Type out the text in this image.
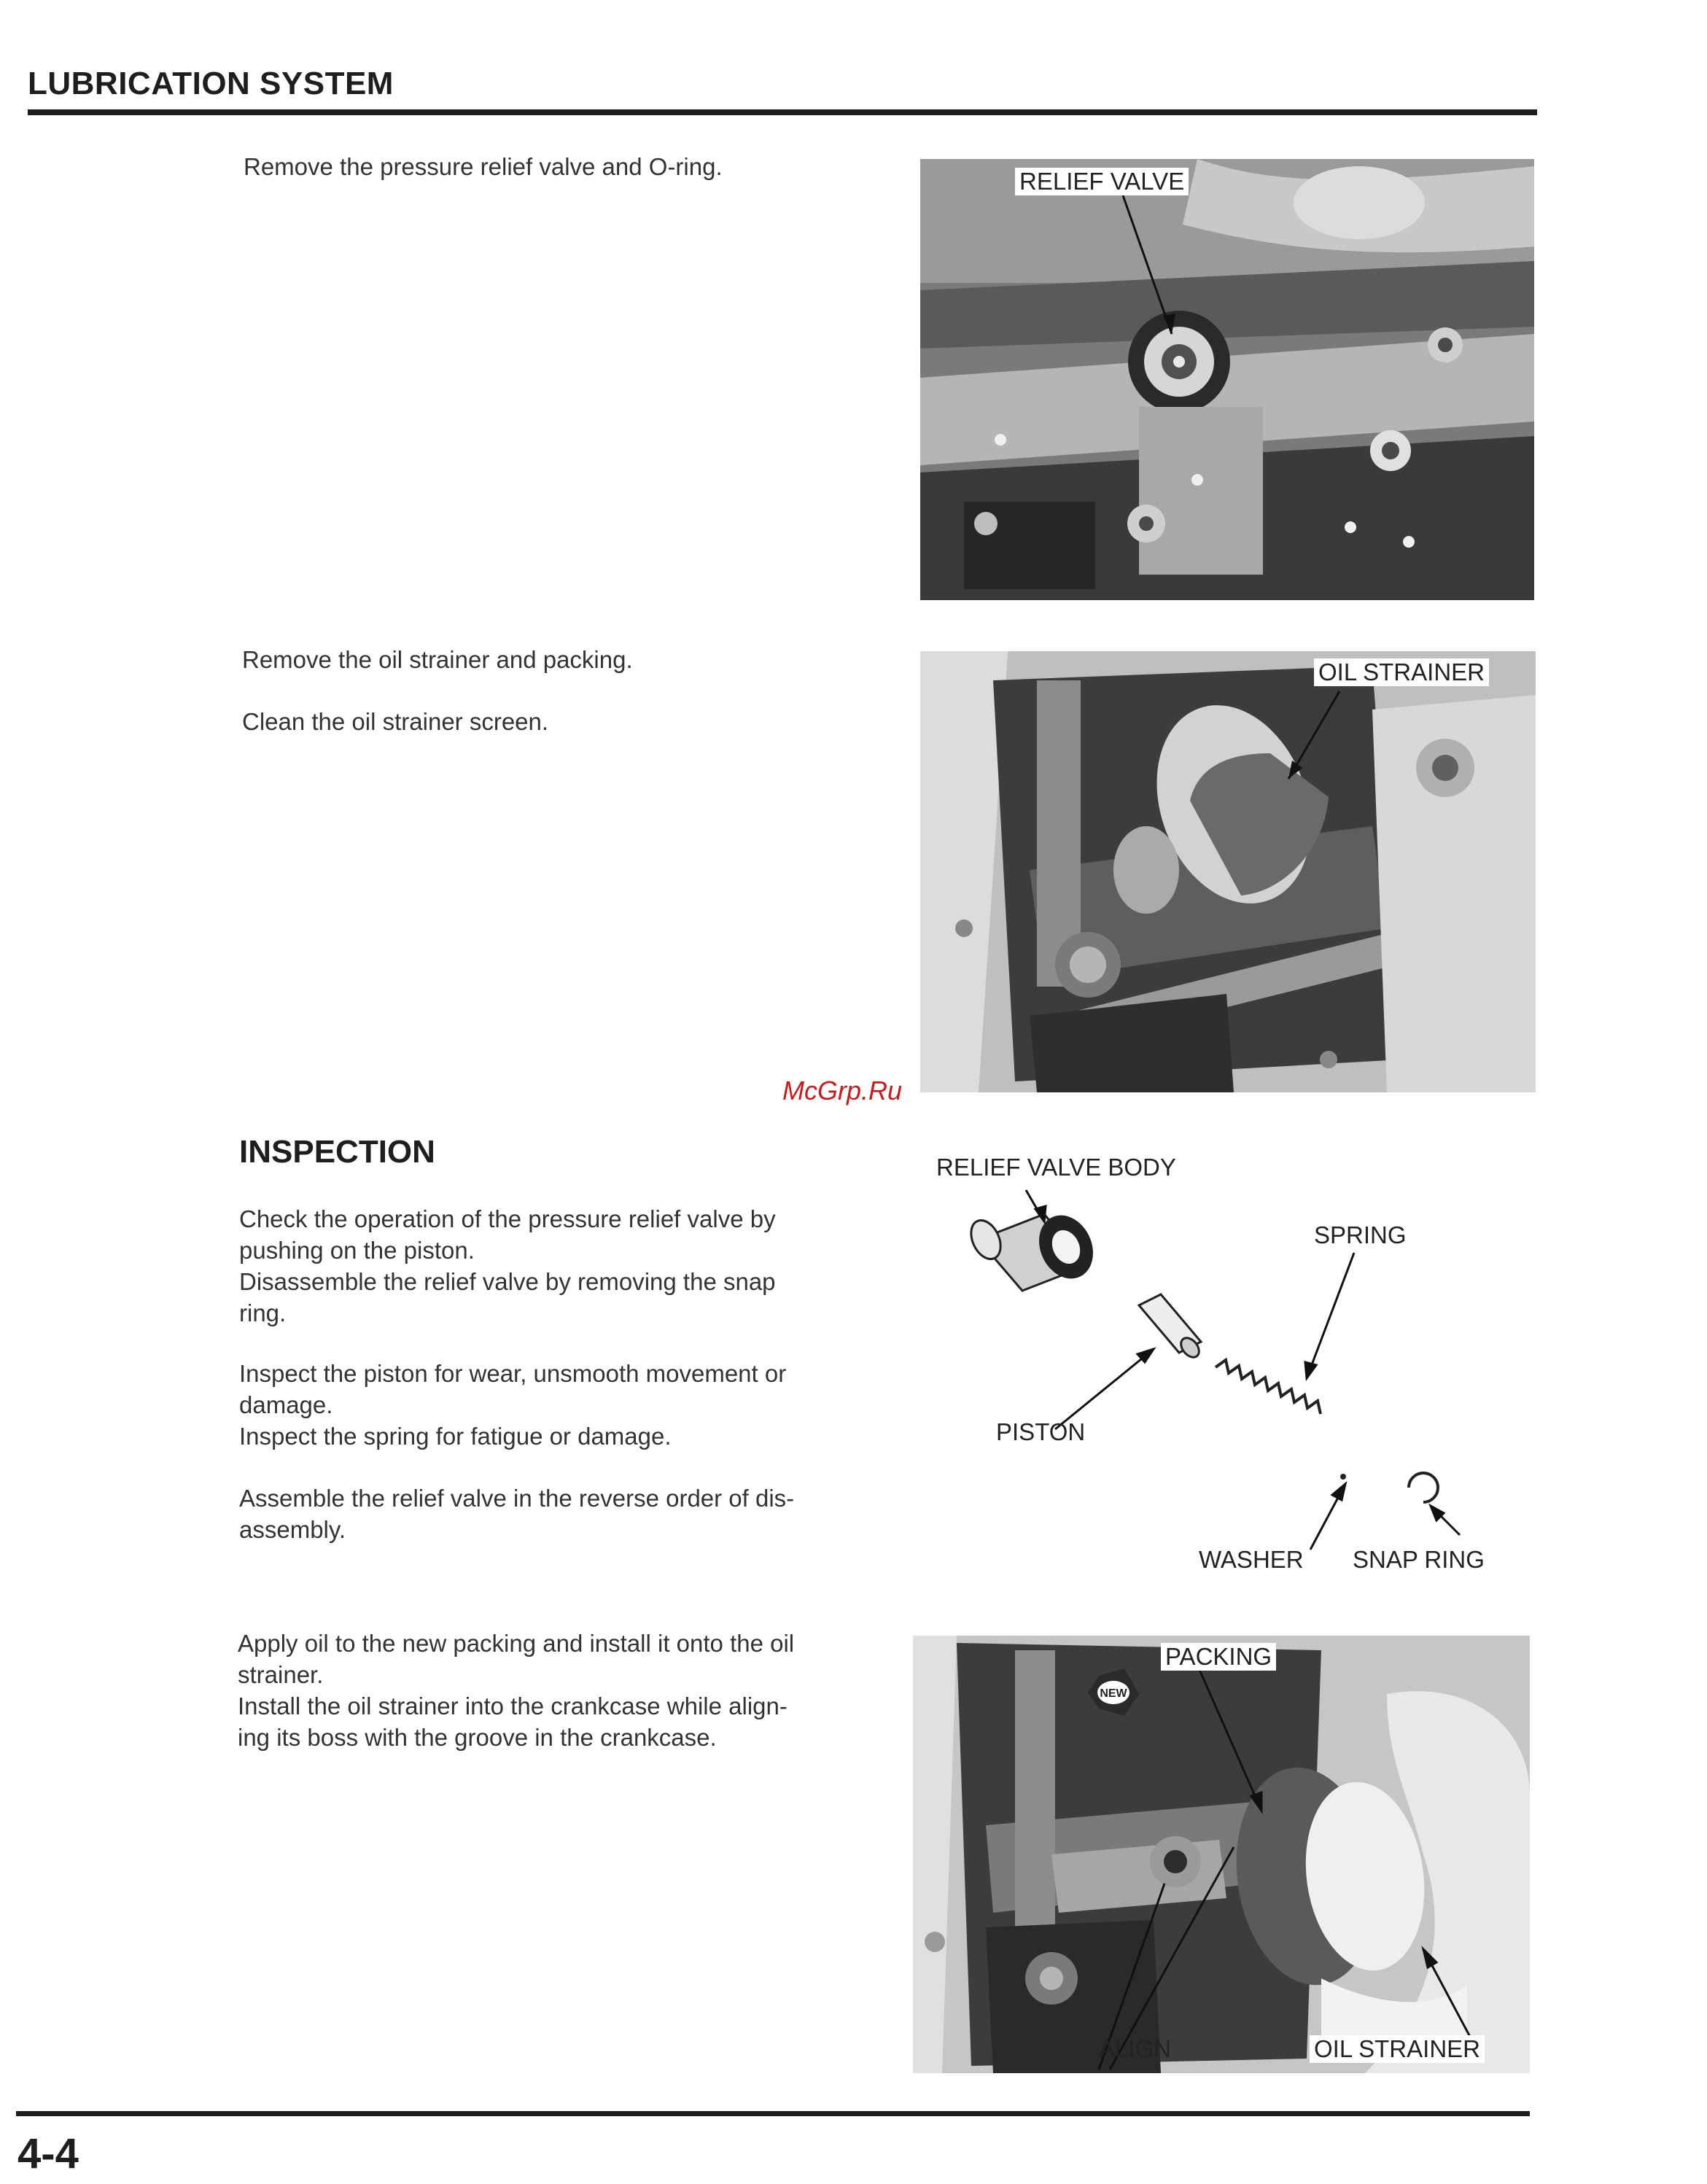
LUBRICATION SYSTEM

Remove the pressure relief valve and O-ring.

Remove the oil strainer and packing.

Clean the oil strainer screen.

RELIEF VALVE
OIL STRAINER
McGrp.Ru
INSPECTION

Check the operation of the pressure relief valve by
pushing on the piston.
Disassemble the relief valve by removing the snap
ring.

Inspect the piston for wear, unsmooth movement or
damage.
Inspect the spring for fatigue or damage.

Assemble the relief valve in the reverse order of dis-
assembly.

Apply oil to the new packing and install it onto the oil
strainer.
Install the oil strainer into the crankcase while align-
ing its boss with the groove in the crankcase.

RELIEF VALVE BODY
SPRING
PISTON
WASHER SNAP RING
NEW
PACKING
ALIGN	OIL STRAINER
4-4
